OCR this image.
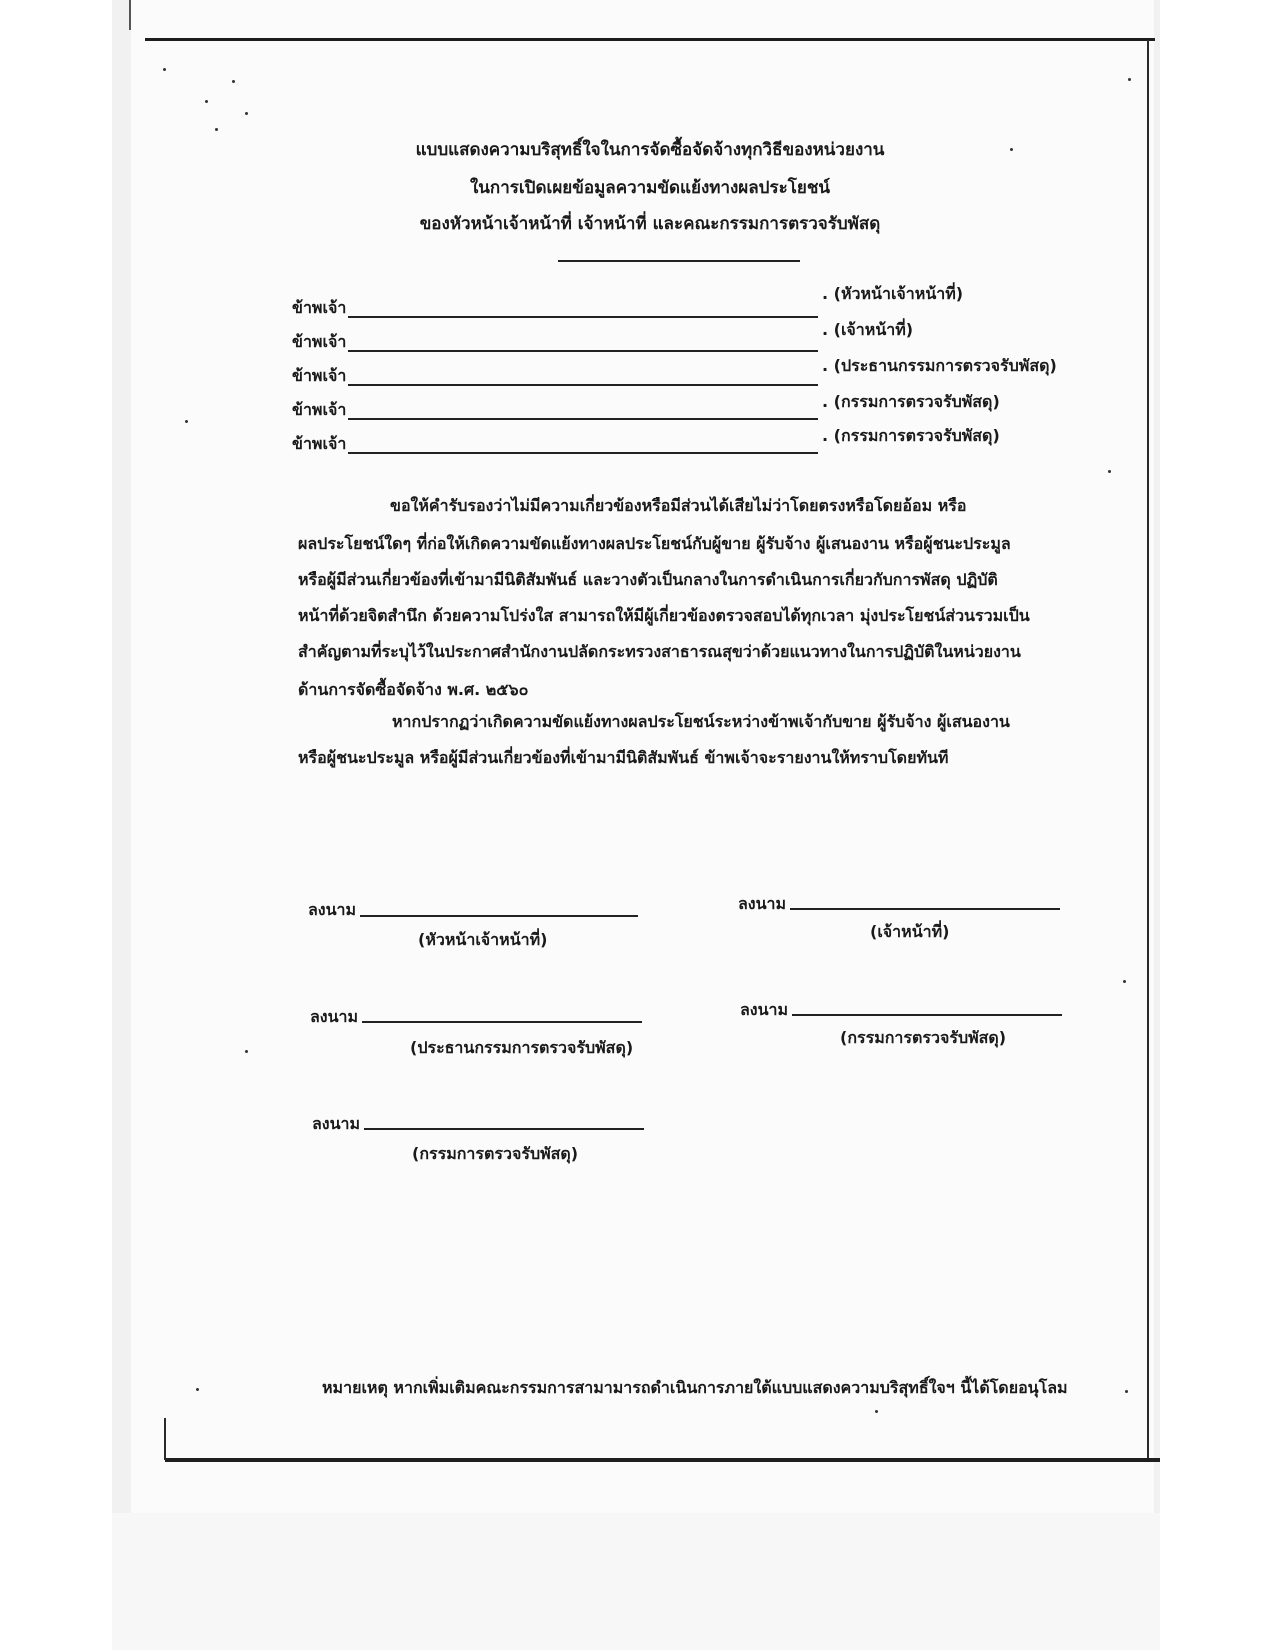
แบบแสดงความบริสุทธิ์ใจในการจัดซื้อจัดจ้างทุกวิธีของหน่วยงาน
ในการเปิดเผยข้อมูลความขัดแย้งทางผลประโยชน์
ของหัวหน้าเจ้าหน้าที่ เจ้าหน้าที่ และคณะกรรมการตรวจรับพัสดุ
ข้าพเจ้า
. (หัวหน้าเจ้าหน้าที่)
ข้าพเจ้า
. (เจ้าหน้าที่)
ข้าพเจ้า
. (ประธานกรรมการตรวจรับพัสดุ)
ข้าพเจ้า	. (กรรมการตรวจรับพัสดุ)
ข้าพเจ้า	. (กรรมการตรวจรับพัสดุ)
ขอให้คำรับรองว่าไม่มีความเกี่ยวข้องหรือมีส่วนได้เสียไม่ว่าโดยตรงหรือโดยอ้อม หรือ
ผลประโยชน์ใดๆ ที่ก่อให้เกิดความขัดแย้งทางผลประโยชน์กับผู้ขาย ผู้รับจ้าง ผู้เสนองาน หรือผู้ชนะประมูล
หรือผู้มีส่วนเกี่ยวข้องที่เข้ามามีนิติสัมพันธ์ และวางตัวเป็นกลางในการดำเนินการเกี่ยวกับการพัสดุ ปฏิบัติ
หน้าที่ด้วยจิตสำนึก ด้วยความโปร่งใส สามารถให้มีผู้เกี่ยวข้องตรวจสอบได้ทุกเวลา มุ่งประโยชน์ส่วนรวมเป็น
สำคัญตามที่ระบุไว้ในประกาศสำนักงานปลัดกระทรวงสาธารณสุขว่าด้วยแนวทางในการปฏิบัติในหน่วยงาน
ด้านการจัดซื้อจัดจ้าง พ.ศ. ๒๕๖๐
หากปรากฏว่าเกิดความขัดแย้งทางผลประโยชน์ระหว่างข้าพเจ้ากับขาย ผู้รับจ้าง ผู้เสนองาน
หรือผู้ชนะประมูล หรือผู้มีส่วนเกี่ยวข้องที่เข้ามามีนิติสัมพันธ์ ข้าพเจ้าจะรายงานให้ทราบโดยทันที
ลงนาม
(หัวหน้าเจ้าหน้าที่)
ลงนาม
(เจ้าหน้าที่)
ลงนาม
(ประธานกรรมการตรวจรับพัสดุ)
ลงนาม
(กรรมการตรวจรับพัสดุ)
ลงนาม
(กรรมการตรวจรับพัสดุ)
หมายเหตุ หากเพิ่มเติมคณะกรรมการสามามารถดำเนินการภายใต้แบบแสดงความบริสุทธิ์ใจฯ นี้ได้โดยอนุโลม
